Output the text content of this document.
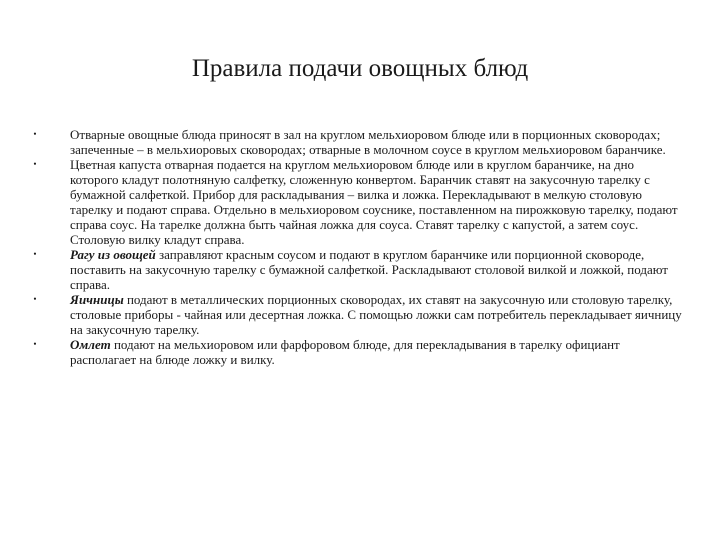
Правила подачи овощных блюд
•	Отварные овощные блюда приносят в зал на круглом мельхиоровом блюде или в порционных сковородах; запеченные – в мельхиоровых сковородах; отварные в молочном соусе в круглом мельхиоровом баранчике.
•	Цветная капуста отварная подается на круглом мельхиоровом блюде или в круглом баранчике, на дно которого кладут полотняную салфетку, сложенную конвертом. Баранчик ставят на закусочную тарелку с бумажной салфеткой. Прибор для раскладывания – вилка и ложка. Перекладывают в мелкую столовую тарелку и подают справа. Отдельно в мельхиоровом соуснике, поставленном на пирожковую тарелку, подают справа соус. На тарелке должна быть чайная ложка для соуса. Ставят тарелку с капустой, а затем соус. Столовую вилку кладут справа.
•	Рагу из овощей заправляют красным соусом и подают в круглом баранчике или порционной сковороде, поставить на закусочную тарелку с бумажной салфеткой. Раскладывают столовой вилкой и ложкой, подают справа.
•	Яичницы подают в металлических порционных сковородах, их ставят на закусочную или столовую тарелку, столовые приборы - чайная или десертная ложка. С помощью ложки сам потребитель перекладывает яичницу на закусочную тарелку.
•	Омлет подают на мельхиоровом или фарфоровом блюде, для перекладывания в тарелку официант располагает на блюде ложку и вилку.
